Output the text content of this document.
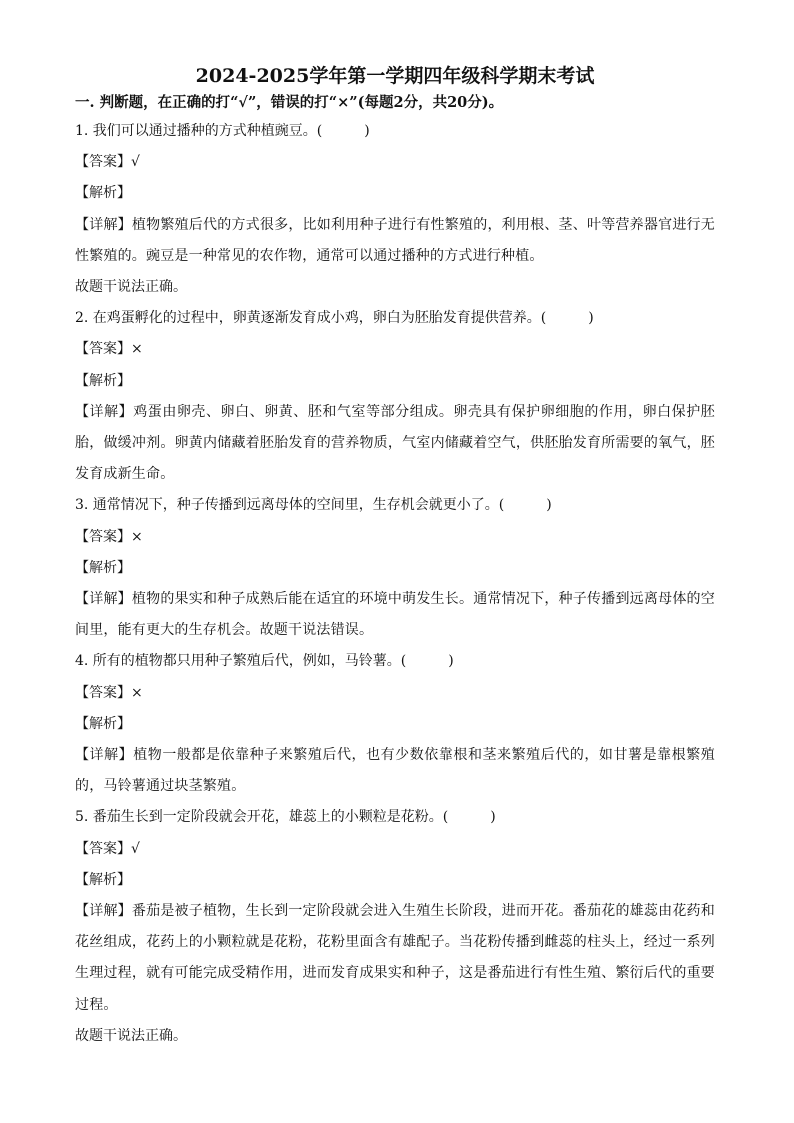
2024-2025学年第一学期四年级科学期末考试

一. 判断题，在正确的打“√”，错误的打“×”(每题2分，共20分)。

1. 我们可以通过播种的方式种植豌豆。(　　　)

【答案】√

【解析】

【详解】植物繁殖后代的方式很多，比如利用种子进行有性繁殖的，利用根、茎、叶等营养器官进行无性繁殖的。豌豆是一种常见的农作物，通常可以通过播种的方式进行种植。

故题干说法正确。

2. 在鸡蛋孵化的过程中，卵黄逐渐发育成小鸡，卵白为胚胎发育提供营养。(　　　)

【答案】×

【解析】

【详解】鸡蛋由卵壳、卵白、卵黄、胚和气室等部分组成。卵壳具有保护卵细胞的作用，卵白保护胚胎，做缓冲剂。卵黄内储藏着胚胎发育的营养物质，气室内储藏着空气，供胚胎发育所需要的氧气，胚发育成新生命。

3. 通常情况下，种子传播到远离母体的空间里，生存机会就更小了。(　　　)

【答案】×

【解析】

【详解】植物的果实和种子成熟后能在适宜的环境中萌发生长。通常情况下，种子传播到远离母体的空间里，能有更大的生存机会。故题干说法错误。

4. 所有的植物都只用种子繁殖后代，例如，马铃薯。(　　　)

【答案】×

【解析】

【详解】植物一般都是依靠种子来繁殖后代，也有少数依靠根和茎来繁殖后代的，如甘薯是靠根繁殖的，马铃薯通过块茎繁殖。

5. 番茄生长到一定阶段就会开花，雄蕊上的小颗粒是花粉。(　　　)

【答案】√

【解析】

【详解】番茄是被子植物，生长到一定阶段就会进入生殖生长阶段，进而开花。番茄花的雄蕊由花药和花丝组成，花药上的小颗粒就是花粉，花粉里面含有雄配子。当花粉传播到雌蕊的柱头上，经过一系列生理过程，就有可能完成受精作用，进而发育成果实和种子，这是番茄进行有性生殖、繁衍后代的重要过程。

故题干说法正确。
